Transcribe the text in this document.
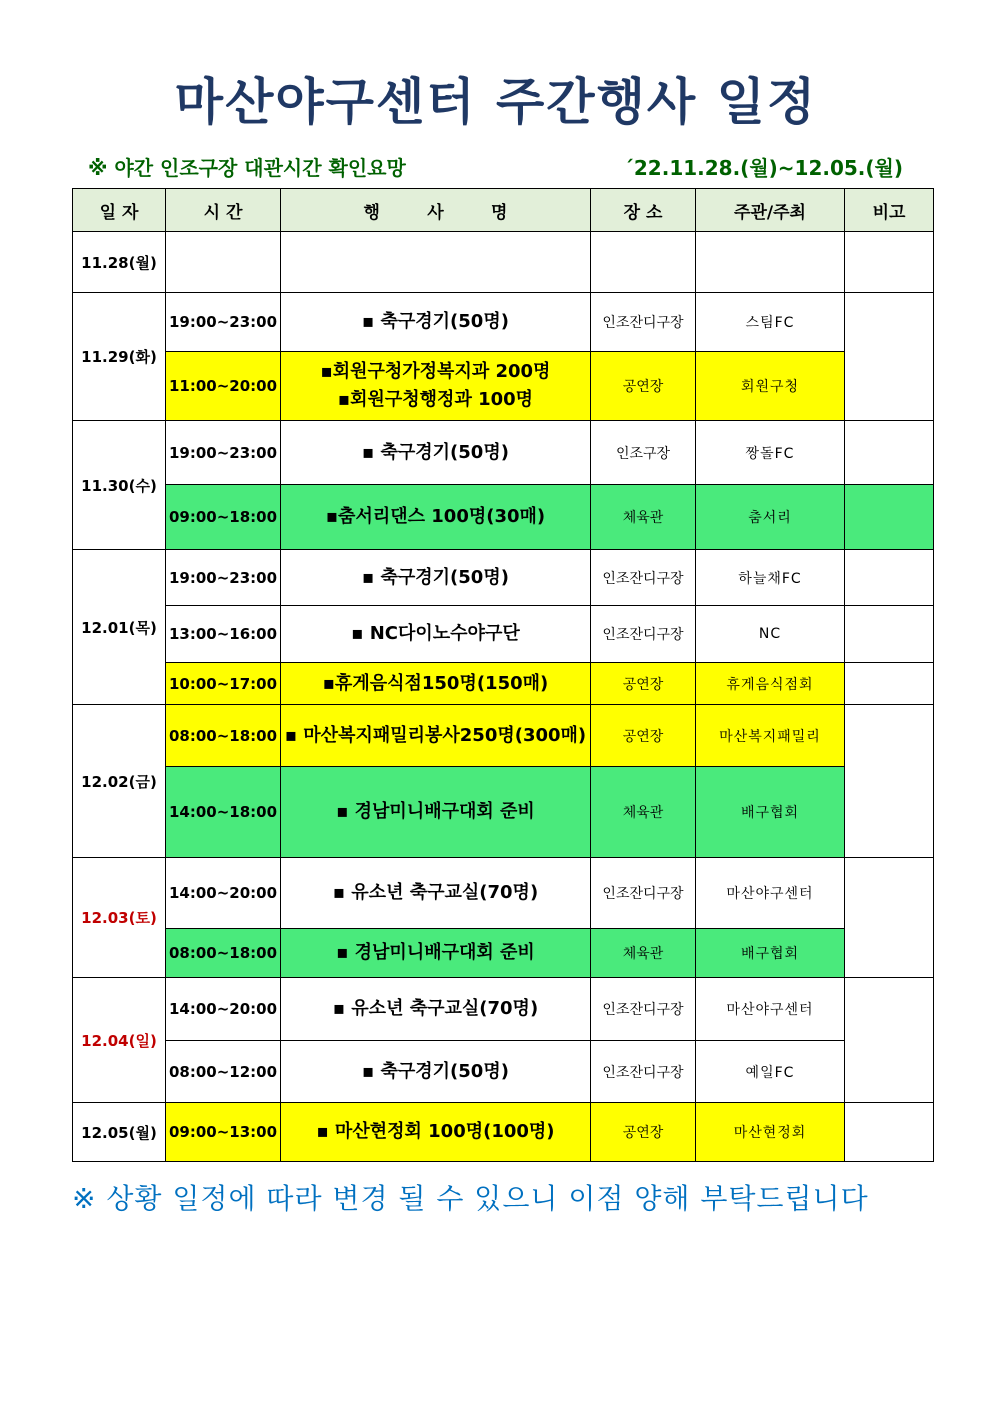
마산야구센터 주간행사 일정
※ 야간 인조구장 대관시간 확인요망	´22.11.28.(월)~12.05.(월)
일 자	시 간	행        사        명	장 소	주관/주최	비고
11.28(월)					
11.29(화)	19:00~23:00	▪ 축구경기(50명)	인조잔디구장	스팀FC	
	11:00~20:00	▪회원구청가정복지과 200명
▪회원구청행정과 100명	공연장	회원구청	
11.30(수)	19:00~23:00	▪ 축구경기(50명)	인조구장	짱돌FC	
	09:00~18:00	▪춤서리댄스 100명(30매)	체육관	춤서리	
12.01(목)	19:00~23:00	▪ 축구경기(50명)	인조잔디구장	하늘채FC	
	13:00~16:00	▪ NC다이노수야구단	인조잔디구장	NC	
	10:00~17:00	▪휴게음식점150명(150매)	공연장	휴게음식점회	
12.02(금)	08:00~18:00	▪ 마산복지패밀리봉사250명(300매)	공연장	마산복지패밀리	
	14:00~18:00	▪ 경남미니배구대회 준비	체육관	배구협회	
12.03(토)	14:00~20:00	▪ 유소년 축구교실(70명)	인조잔디구장	마산야구센터	
	08:00~18:00	▪ 경남미니배구대회 준비	체육관	배구협회	
12.04(일)	14:00~20:00	▪ 유소년 축구교실(70명)	인조잔디구장	마산야구센터	
	08:00~12:00	▪ 축구경기(50명)	인조잔디구장	예일FC	
12.05(월)	09:00~13:00	▪ 마산현정회 100명(100명)	공연장	마산현정회	
※ 상황 일정에 따라 변경 될 수 있으니 이점 양해 부탁드립니다
